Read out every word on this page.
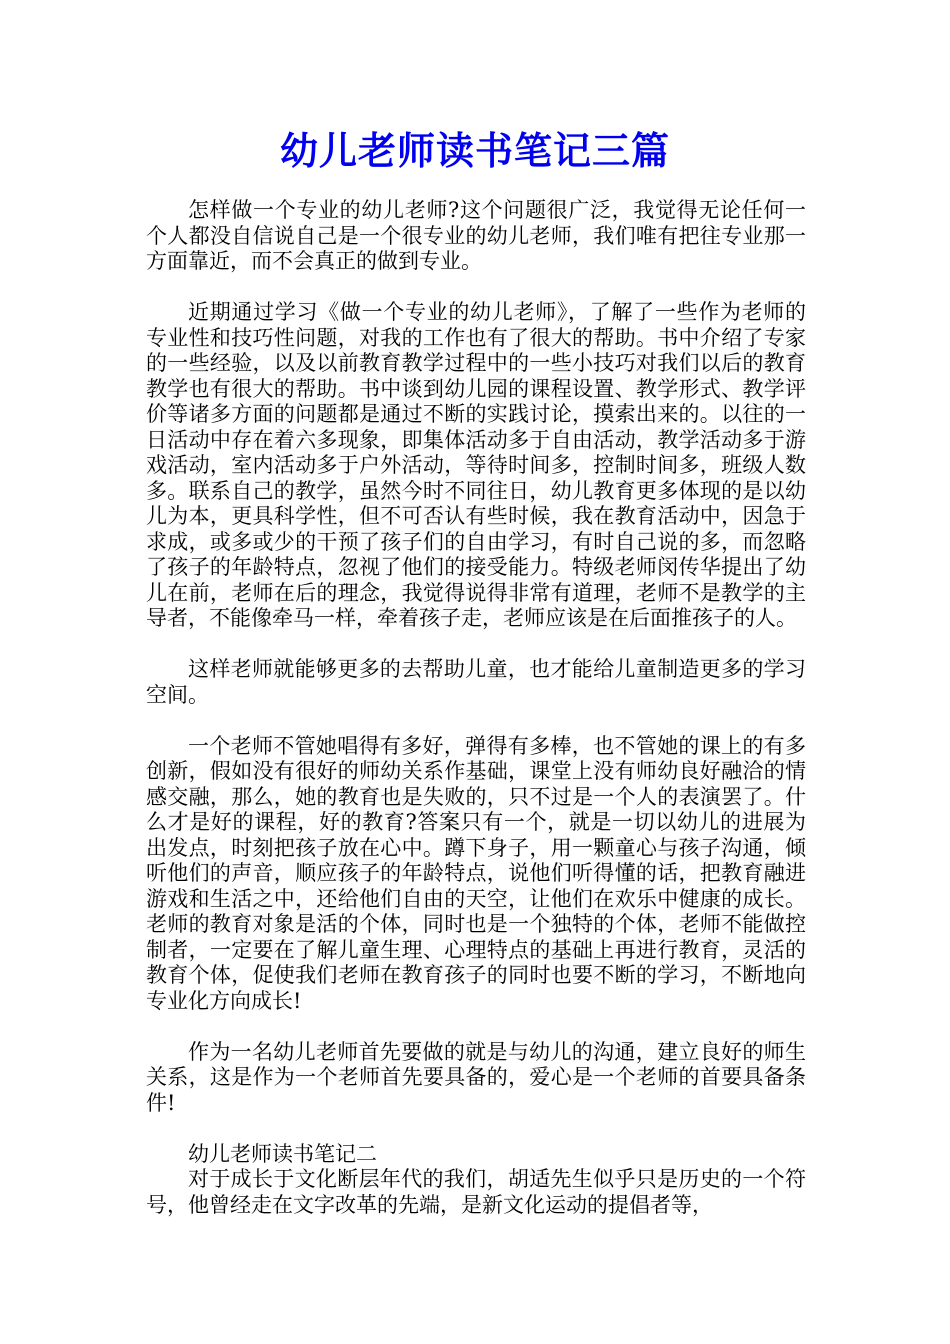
幼儿老师读书笔记三篇

怎样做一个专业的幼儿老师?这个问题很广泛，我觉得无论任何一个人都没自信说自己是一个很专业的幼儿老师，我们唯有把往专业那一方面靠近，而不会真正的做到专业。

近期通过学习《做一个专业的幼儿老师》，了解了一些作为老师的专业性和技巧性问题，对我的工作也有了很大的帮助。书中介绍了专家的一些经验，以及以前教育教学过程中的一些小技巧对我们以后的教育教学也有很大的帮助。书中谈到幼儿园的课程设置、教学形式、教学评价等诸多方面的问题都是通过不断的实践讨论，摸索出来的。以往的一日活动中存在着六多现象，即集体活动多于自由活动，教学活动多于游戏活动，室内活动多于户外活动，等待时间多，控制时间多，班级人数多。联系自己的教学，虽然今时不同往日，幼儿教育更多体现的是以幼儿为本，更具科学性，但不可否认有些时候，我在教育活动中，因急于求成，或多或少的干预了孩子们的自由学习，有时自己说的多，而忽略了孩子的年龄特点，忽视了他们的接受能力。特级老师闵传华提出了幼儿在前，老师在后的理念，我觉得说得非常有道理，老师不是教学的主导者，不能像牵马一样，牵着孩子走，老师应该是在后面推孩子的人。

这样老师就能够更多的去帮助儿童，也才能给儿童制造更多的学习空间。

一个老师不管她唱得有多好，弹得有多棒，也不管她的课上的有多创新，假如没有很好的师幼关系作基础，课堂上没有师幼良好融洽的情感交融，那么，她的教育也是失败的，只不过是一个人的表演罢了。什么才是好的课程，好的教育?答案只有一个，就是一切以幼儿的进展为出发点，时刻把孩子放在心中。蹲下身子，用一颗童心与孩子沟通，倾听他们的声音，顺应孩子的年龄特点，说他们听得懂的话，把教育融进游戏和生活之中，还给他们自由的天空，让他们在欢乐中健康的成长。老师的教育对象是活的个体，同时也是一个独特的个体，老师不能做控制者，一定要在了解儿童生理、心理特点的基础上再进行教育，灵活的教育个体，促使我们老师在教育孩子的同时也要不断的学习，不断地向专业化方向成长!

作为一名幼儿老师首先要做的就是与幼儿的沟通，建立良好的师生关系，这是作为一个老师首先要具备的，爱心是一个老师的首要具备条件!

幼儿老师读书笔记二

对于成长于文化断层年代的我们，胡适先生似乎只是历史的一个符号，他曾经走在文字改革的先端，是新文化运动的提倡者等，
